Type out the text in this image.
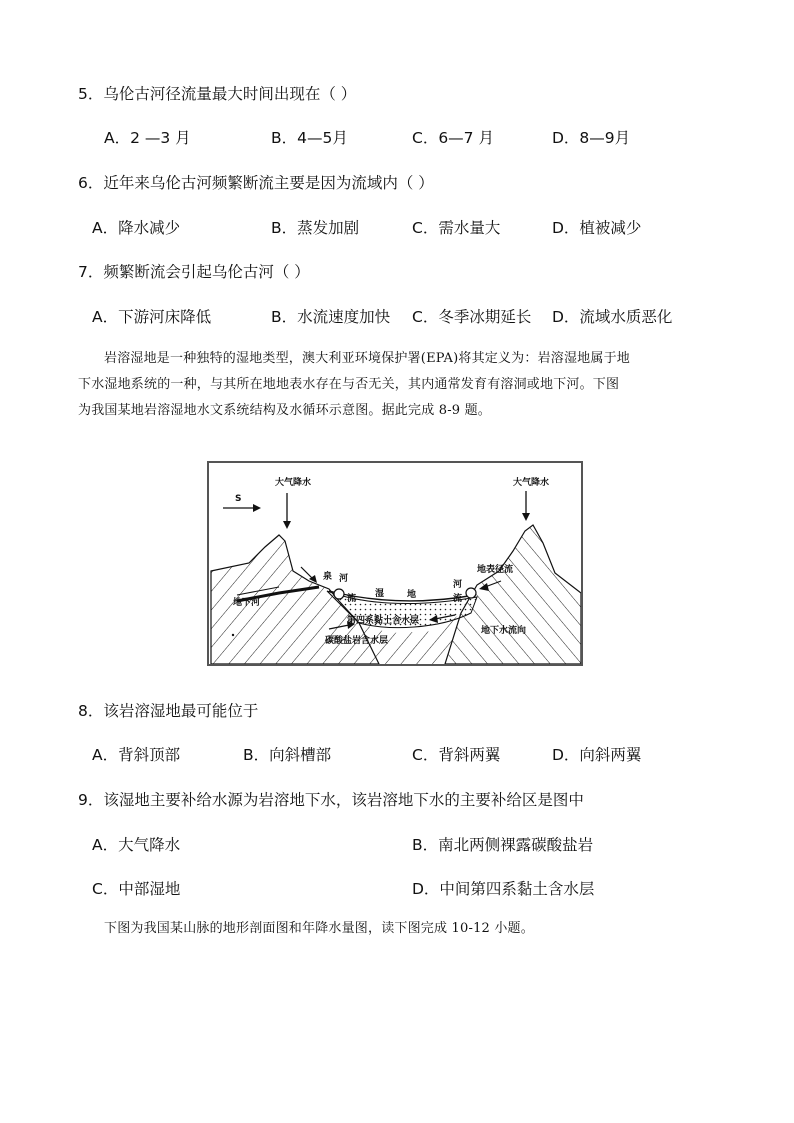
5．乌伦古河径流量最大时间出现在（ ）
A．2 —3 月	B．4—5月	C．6—7 月	D．8—9月
6．近年来乌伦古河频繁断流主要是因为流域内（ ）
A．降水减少	B．蒸发加剧	C．需水量大	D．植被减少
7．频繁断流会引起乌伦古河（ ）
A．下游河床降低	B．水流速度加快 C．冬季冰期延长 D．流域水质恶化
岩溶湿地是一种独特的湿地类型，澳大利亚环境保护署(EPA)将其定义为：岩溶湿地属于地
下水湿地系统的一种，与其所在地地表水存在与否无关，其内通常发育有溶洞或地下河。下图
为我国某地岩溶湿地水文系统结构及水循环示意图。据此完成 8-9 题。
大气降水	大气降水
S
泉 河
流 湿	地
河
流
地表径流
地下河
第四系黏土含水层
碳酸盐岩含水层
地下水流向
8．该岩溶湿地最可能位于
A．背斜顶部	B．向斜槽部	C．背斜两翼	D．向斜两翼
9．该湿地主要补给水源为岩溶地下水，该岩溶地下水的主要补给区是图中
A．大气降水	B．南北两侧裸露碳酸盐岩
C．中部湿地	D．中间第四系黏土含水层
下图为我国某山脉的地形剖面图和年降水量图，读下图完成 10-12 小题。
